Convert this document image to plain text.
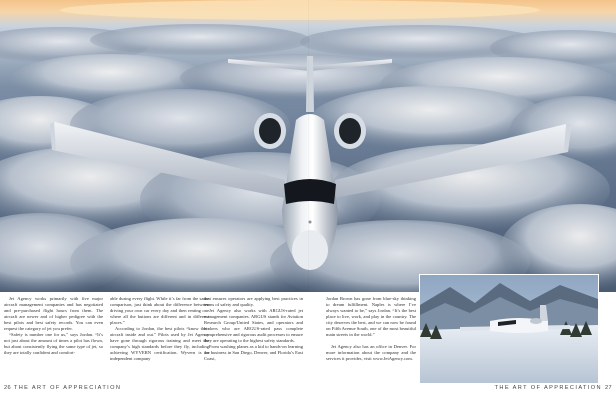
Jet Agency works primarily with five major aircraft management companies and has negotiated and pre-purchased flight hours from them. The aircraft are newer and of higher pedigree with the best pilots and best safety records. You can even request the category of jet you prefer.

“Safety is number one for us,” says Jordan. “It’s not just about the amount of times a pilot has flown, but about consistently flying the same type of jet, so they are totally confident and comfort-

able during every flight. While it’s far from the same comparison, just think about the difference between driving your own car every day and then renting one where all the buttons are different and in different places.”

According to Jordan, the best pilots “know their aircraft inside and out.” Pilots used by Jet Agency have gone through rigorous training and meet the company’s high standards before they fly, including achieving WYVERN certification. Wyvern is an independent company

that ensures operators are applying best practices in terms of safety and quality.

Jet Agency also works with ARGUS-rated jet management companies. ARGUS stands for Aviation Research Group/United States, and operators and brokers who are ARGUS-rated pass complete comprehensive and rigorous audit processes to ensure they are operating to the highest safety standards.

From washing planes as a kid to hands-on learning the business in San Diego, Denver, and Florida’s East Coast,

Jordan Brown has gone from blue-sky thinking to dream fulfillment. Naples is where I’ve always wanted to be,” says Jordan. “It’s the best place to live, work, and play in the country. The city deserves the best, and we can now be found on Fifth Avenue South, one of the most beautiful main streets in the world.”

Jet Agency also has an office in Denver. For more information about the company and the services it provides, visit www.JetAgency.com.

26 THE ART OF APPRECIATION	THE ART OF APPRECIATION 27
